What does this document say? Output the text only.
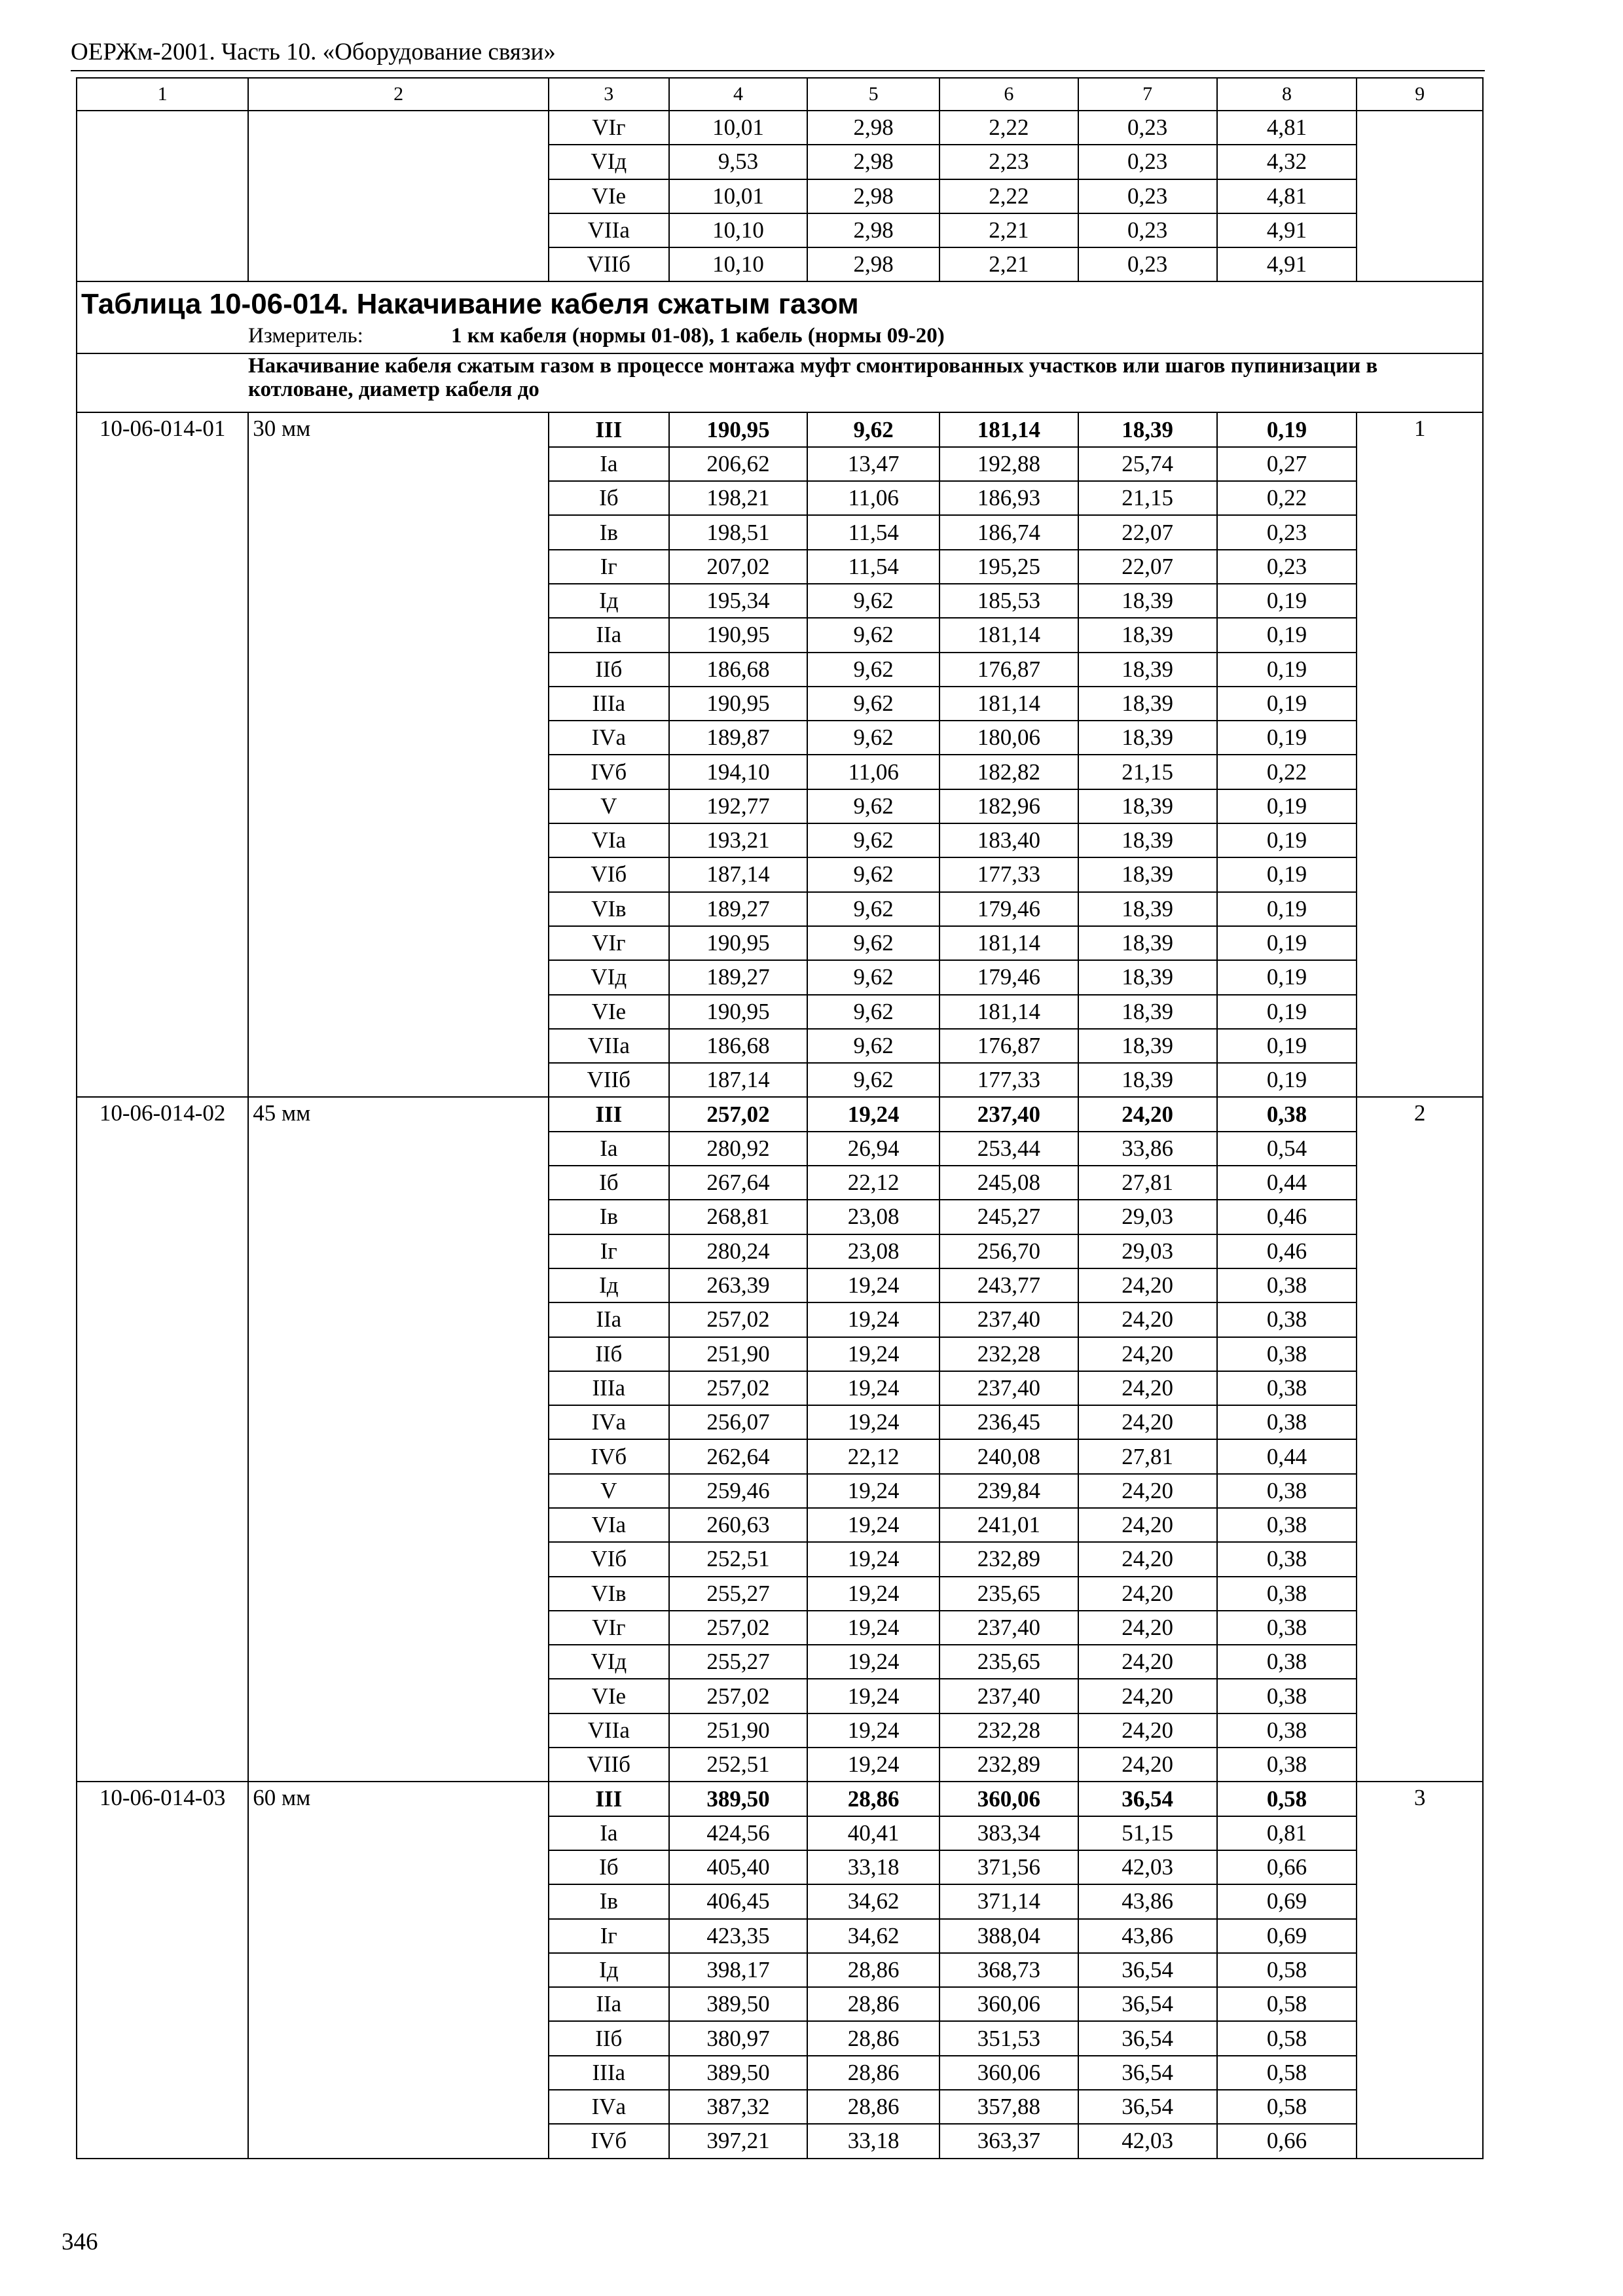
ОЕРЖм-2001. Часть 10. «Оборудование связи»
1	2	3	4	5	6	7	8	9
		VIг	10,01	2,98	2,22	0,23	4,81	
		VIд	9,53	2,98	2,23	0,23	4,32	
		VIе	10,01	2,98	2,22	0,23	4,81	
		VIIа	10,10	2,98	2,21	0,23	4,91	
		VIIб	10,10	2,98	2,21	0,23	4,91	

Таблица 10-06-014. Накачивание кабеля сжатым газом
Измеритель: 1 км кабеля (нормы 01-08), 1 кабель (нормы 09-20)								

Накачивание кабеля сжатым газом в процессе монтажа муфт смонтированных участков или шагов пупинизации в котловане, диаметр кабеля до								

10-06-014-01	30 мм	III	190,95	9,62	181,14	18,39	0,19	1
		Iа	206,62	13,47	192,88	25,74	0,27	
		Iб	198,21	11,06	186,93	21,15	0,22	
		Iв	198,51	11,54	186,74	22,07	0,23	
		Iг	207,02	11,54	195,25	22,07	0,23	
		Iд	195,34	9,62	185,53	18,39	0,19	
		IIа	190,95	9,62	181,14	18,39	0,19	
		IIб	186,68	9,62	176,87	18,39	0,19	
		IIIа	190,95	9,62	181,14	18,39	0,19	
		IVа	189,87	9,62	180,06	18,39	0,19	
		IVб	194,10	11,06	182,82	21,15	0,22	
		V	192,77	9,62	182,96	18,39	0,19	
		VIа	193,21	9,62	183,40	18,39	0,19	
		VIб	187,14	9,62	177,33	18,39	0,19	
		VIв	189,27	9,62	179,46	18,39	0,19	
		VIг	190,95	9,62	181,14	18,39	0,19	
		VIд	189,27	9,62	179,46	18,39	0,19	
		VIе	190,95	9,62	181,14	18,39	0,19	
		VIIа	186,68	9,62	176,87	18,39	0,19	
		VIIб	187,14	9,62	177,33	18,39	0,19	
10-06-014-02	45 мм	III	257,02	19,24	237,40	24,20	0,38	2
		Iа	280,92	26,94	253,44	33,86	0,54	
		Iб	267,64	22,12	245,08	27,81	0,44	
		Iв	268,81	23,08	245,27	29,03	0,46	
		Iг	280,24	23,08	256,70	29,03	0,46	
		Iд	263,39	19,24	243,77	24,20	0,38	
		IIа	257,02	19,24	237,40	24,20	0,38	
		IIб	251,90	19,24	232,28	24,20	0,38	
		IIIа	257,02	19,24	237,40	24,20	0,38	
		IVа	256,07	19,24	236,45	24,20	0,38	
		IVб	262,64	22,12	240,08	27,81	0,44	
		V	259,46	19,24	239,84	24,20	0,38	
		VIа	260,63	19,24	241,01	24,20	0,38	
		VIб	252,51	19,24	232,89	24,20	0,38	
		VIв	255,27	19,24	235,65	24,20	0,38	
		VIг	257,02	19,24	237,40	24,20	0,38	
		VIд	255,27	19,24	235,65	24,20	0,38	
		VIе	257,02	19,24	237,40	24,20	0,38	
		VIIа	251,90	19,24	232,28	24,20	0,38	
		VIIб	252,51	19,24	232,89	24,20	0,38	
10-06-014-03	60 мм	III	389,50	28,86	360,06	36,54	0,58	3
		Iа	424,56	40,41	383,34	51,15	0,81	
		Iб	405,40	33,18	371,56	42,03	0,66	
		Iв	406,45	34,62	371,14	43,86	0,69	
		Iг	423,35	34,62	388,04	43,86	0,69	
		Iд	398,17	28,86	368,73	36,54	0,58	
		IIа	389,50	28,86	360,06	36,54	0,58	
		IIб	380,97	28,86	351,53	36,54	0,58	
		IIIа	389,50	28,86	360,06	36,54	0,58	
		IVа	387,32	28,86	357,88	36,54	0,58	
		IVб	397,21	33,18	363,37	42,03	0,66	
346
